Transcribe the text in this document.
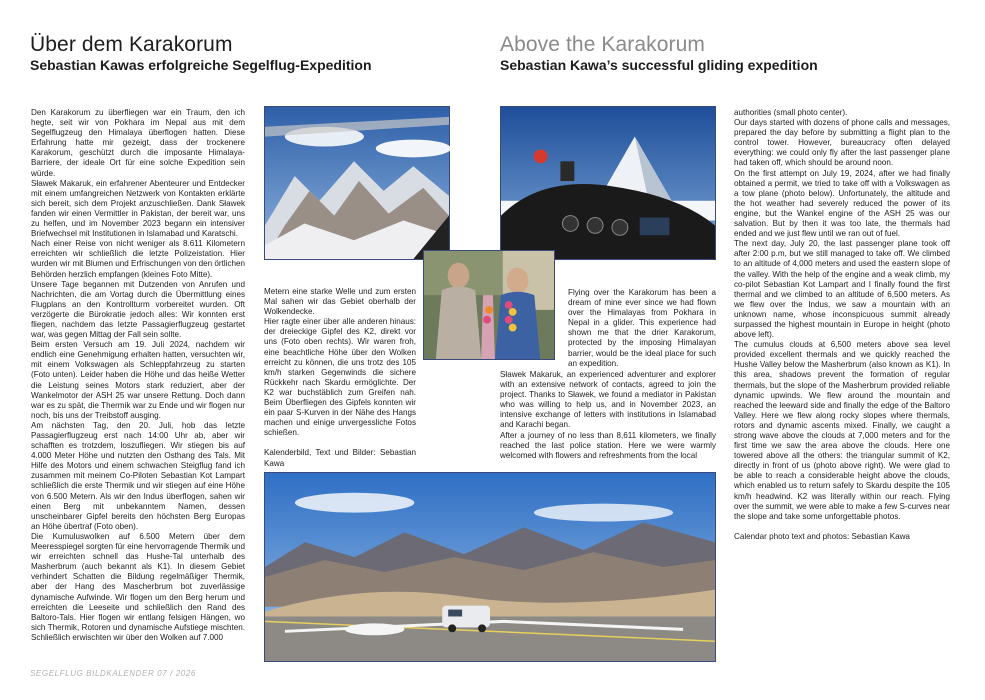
Über dem Karakorum
Sebastian Kawas erfolgreiche Segelflug-Expedition
Above the Karakorum
Sebastian Kawa’s successful gliding expedition

Den Karakorum zu überfliegen war ein Traum, den ich hegte, seit wir von Pokhara im Nepal aus mit dem Segelflugzeug den Himalaya überflogen hatten. Diese Erfahrung hatte mir gezeigt, dass der trockenere Karakorum, geschützt durch die imposante Himalaya-Barriere, der ideale Ort für eine solche Expedition sein würde.

Sławek Makaruk, ein erfahrener Abenteurer und Entdecker mit einem umfangreichen Netzwerk von Kontakten erklärte sich bereit, sich dem Projekt anzuschließen. Dank Sławek fanden wir einen Vermittler in Pakistan, der bereit war, uns zu helfen, und im November 2023 begann ein intensiver Briefwechsel mit Institutionen in Islamabad und Karatschi.

Nach einer Reise von nicht weniger als 8.611 Kilometern erreichten wir schließlich die letzte Polizeistation. Hier wurden wir mit Blumen und Erfrischungen von den örtlichen Behörden herzlich empfangen (kleines Foto Mitte).

Unsere Tage begannen mit Dutzenden von Anrufen und Nachrichten, die am Vortag durch die Übermittlung eines Flugplans an den Kontrollturm vorbereitet wurden. Oft verzögerte die Bürokratie jedoch alles: Wir konnten erst fliegen, nachdem das letzte Passagierflugzeug gestartet war, was gegen Mittag der Fall sein sollte.

Beim ersten Versuch am 19. Juli 2024, nachdem wir endlich eine Genehmigung erhalten hatten, versuchten wir, mit einem Volkswagen als Schleppfahrzeug zu starten (Foto unten). Leider haben die Höhe und das heiße Wetter die Leistung seines Motors stark reduziert, aber der Wankelmotor der ASH 25 war unsere Rettung. Doch dann war es zu spät, die Thermik war zu Ende und wir flogen nur noch, bis uns der Treibstoff ausging.

Am nächsten Tag, den 20. Juli, hob das letzte Passagierflugzeug erst nach 14:00 Uhr ab, aber wir schafften es trotzdem, loszufliegen. Wir stiegen bis auf 4.000 Meter Höhe und nutzten den Osthang des Tals. Mit Hilfe des Motors und einem schwachen Steigflug fand ich zusammen mit meinem Co-Piloten Sebastian Kot Lampart schließlich die erste Thermik und wir stiegen auf eine Höhe von 6.500 Metern. Als wir den Indus überflogen, sahen wir einen Berg mit unbekanntem Namen, dessen unscheinbarer Gipfel bereits den höchsten Berg Europas an Höhe übertraf (Foto oben).

Die Kumuluswolken auf 6.500 Metern über dem Meeresspiegel sorgten für eine hervorragende Thermik und wir erreichten schnell das Hushe-Tal unterhalb des Masherbrum (auch bekannt als K1). In diesem Gebiet verhindert Schatten die Bildung regelmäßiger Thermik, aber der Hang des Mascherbrum bot zuverlässige dynamische Aufwinde. Wir flogen um den Berg herum und erreichten die Leeseite und schließlich den Rand des Baltoro-Tals. Hier flogen wir entlang felsigen Hängen, wo sich Thermik, Rotoren und dynamische Aufstiege mischten. Schließlich erwischten wir über den Wolken auf 7.000

Metern eine starke Welle und zum ersten Mal sahen wir das Gebiet oberhalb der Wolkendecke.

Hier ragte einer über alle anderen hinaus: der dreieckige Gipfel des K2, direkt vor uns (Foto oben rechts). Wir waren froh, eine beachtliche Höhe über den Wolken erreicht zu können, die uns trotz des 105 km/h starken Gegenwinds die sichere Rückkehr nach Skardu ermöglichte. Der K2 war buchstäblich zum Greifen nah. Beim Überfliegen des Gipfels konnten wir ein paar S-Kurven in der Nähe des Hangs machen und einige unvergessliche Fotos schießen.

Kalenderbild, Text und Bilder: Sebastian Kawa

Flying over the Karakorum has been a dream of mine ever since we had flown over the Himalayas from Pokhara in Nepal in a glider. This experience had shown me that the drier Karakorum, protected by the imposing Himalayan barrier, would be the ideal place for such an expedition.

Sławek Makaruk, an experienced adventurer and explorer with an extensive network of contacts, agreed to join the project. Thanks to Sławek, we found a mediator in Pakistan who was willing to help us, and in November 2023, an intensive exchange of letters with institutions in Islamabad and Karachi began.

After a journey of no less than 8,611 kilometers, we finally reached the last police station. Here we were warmly welcomed with flowers and refreshments from the local

authorities (small photo center).

Our days started with dozens of phone calls and messages, prepared the day before by submitting a flight plan to the control tower. However, bureaucracy often delayed everything: we could only fly after the last passenger plane had taken off, which should be around noon.

On the first attempt on July 19, 2024, after we had finally obtained a permit, we tried to take off with a Volkswagen as a tow plane (photo below). Unfortunately, the altitude and the hot weather had severely reduced the power of its engine, but the Wankel engine of the ASH 25 was our salvation. But by then it was too late, the thermals had ended and we just flew until we ran out of fuel.

The next day, July 20, the last passenger plane took off after 2:00 p.m, but we still managed to take off. We climbed to an altitude of 4,000 meters and used the eastern slope of the valley. With the help of the engine and a weak climb, my co-pilot Sebastian Kot Lampart and I finally found the first thermal and we climbed to an altitude of 6,500 meters. As we flew over the Indus, we saw a mountain with an unknown name, whose inconspicuous summit already surpassed the highest mountain in Europe in height (photo above left).

The cumulus clouds at 6,500 meters above sea level provided excellent thermals and we quickly reached the Hushe Valley below the Masherbrum (also known as K1). In this area, shadows prevent the formation of regular thermals, but the slope of the Masherbrum provided reliable dynamic upwinds. We flew around the mountain and reached the leeward side and finally the edge of the Baltoro Valley. Here we flew along rocky slopes where thermals, rotors and dynamic ascents mixed. Finally, we caught a strong wave above the clouds at 7,000 meters and for the first time we saw the area above the clouds. Here one towered above all the others: the triangular summit of K2, directly in front of us (photo above right). We were glad to be able to reach a considerable height above the clouds, which enabled us to return safely to Skardu despite the 105 km/h headwind. K2 was literally within our reach. Flying over the summit, we were able to make a few S-curves near the slope and take some unforgettable photos.

Calendar photo text and photos: Sebastian Kawa

SEGELFLUG BILDKALENDER 07 / 2026
